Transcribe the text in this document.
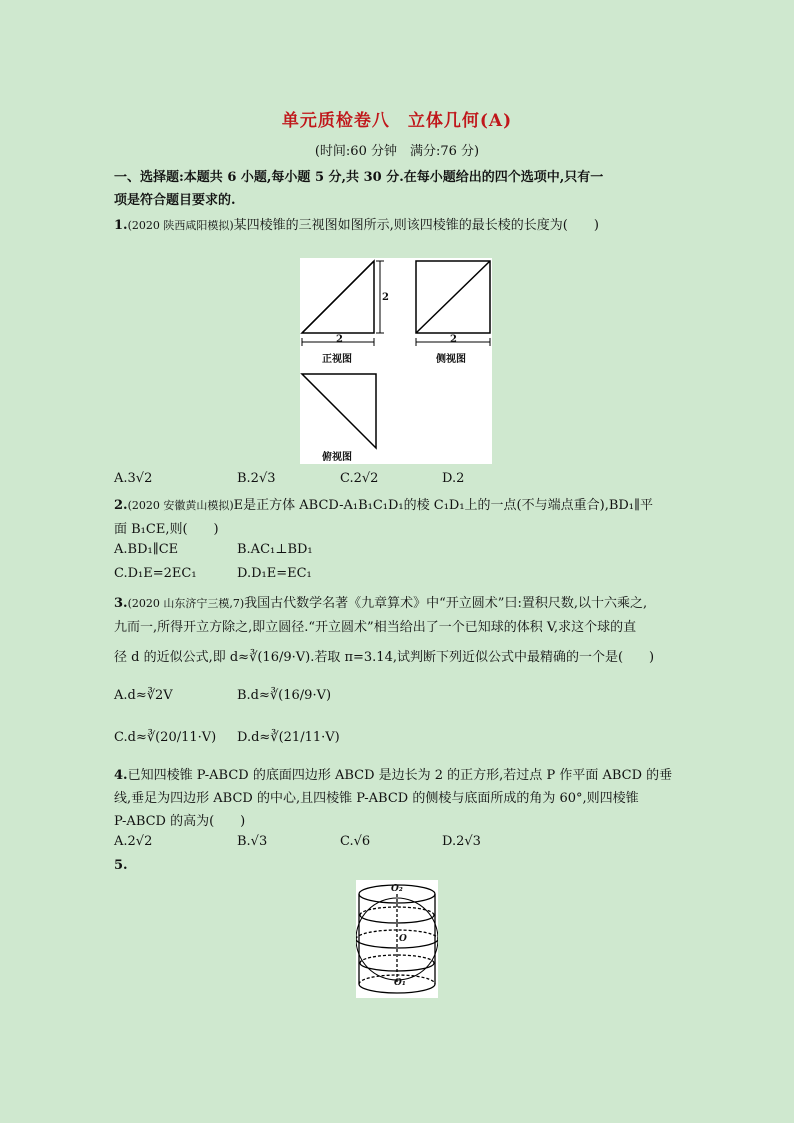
单元质检卷八　立体几何(A)
(时间:60 分钟　满分:76 分)
一、选择题:本题共 6 小题,每小题 5 分,共 30 分.在每小题给出的四个选项中,只有一
项是符合题目要求的.
1.(2020 陕西咸阳模拟)某四棱锥的三视图如图所示,则该四棱锥的最长棱的长度为(　　)
2
2	2
正视图	侧视图
俯视图
A.3√2	B.2√3	C.2√2	D.2
2.(2020 安徽黄山模拟)E是正方体 ABCD-A₁B₁C₁D₁的棱 C₁D₁上的一点(不与端点重合),BD₁∥平
面 B₁CE,则(　　)
A.BD₁∥CE	B.AC₁⊥BD₁
C.D₁E=2EC₁	D.D₁E=EC₁
3.(2020 山东济宁三模,7)我国古代数学名著《九章算术》中“开立圆术”曰:置积尺数,以十六乘之,
九而一,所得开立方除之,即立圆径.“开立圆术”相当给出了一个已知球的体积 V,求这个球的直
径 d 的近似公式,即 d≈∛(16/9·V).若取 π=3.14,试判断下列近似公式中最精确的一个是(　　)
A.d≈∛2V	B.d≈∛(16/9·V)
C.d≈∛(20/11·V) D.d≈∛(21/11·V)
4.已知四棱锥 P-ABCD 的底面四边形 ABCD 是边长为 2 的正方形,若过点 P 作平面 ABCD 的垂
线,垂足为四边形 ABCD 的中心,且四棱锥 P-ABCD 的侧棱与底面所成的角为 60°,则四棱锥
P-ABCD 的高为(　　)
A.2√2	B.√3	C.√6	D.2√3
5.
O₂
O
O₁
